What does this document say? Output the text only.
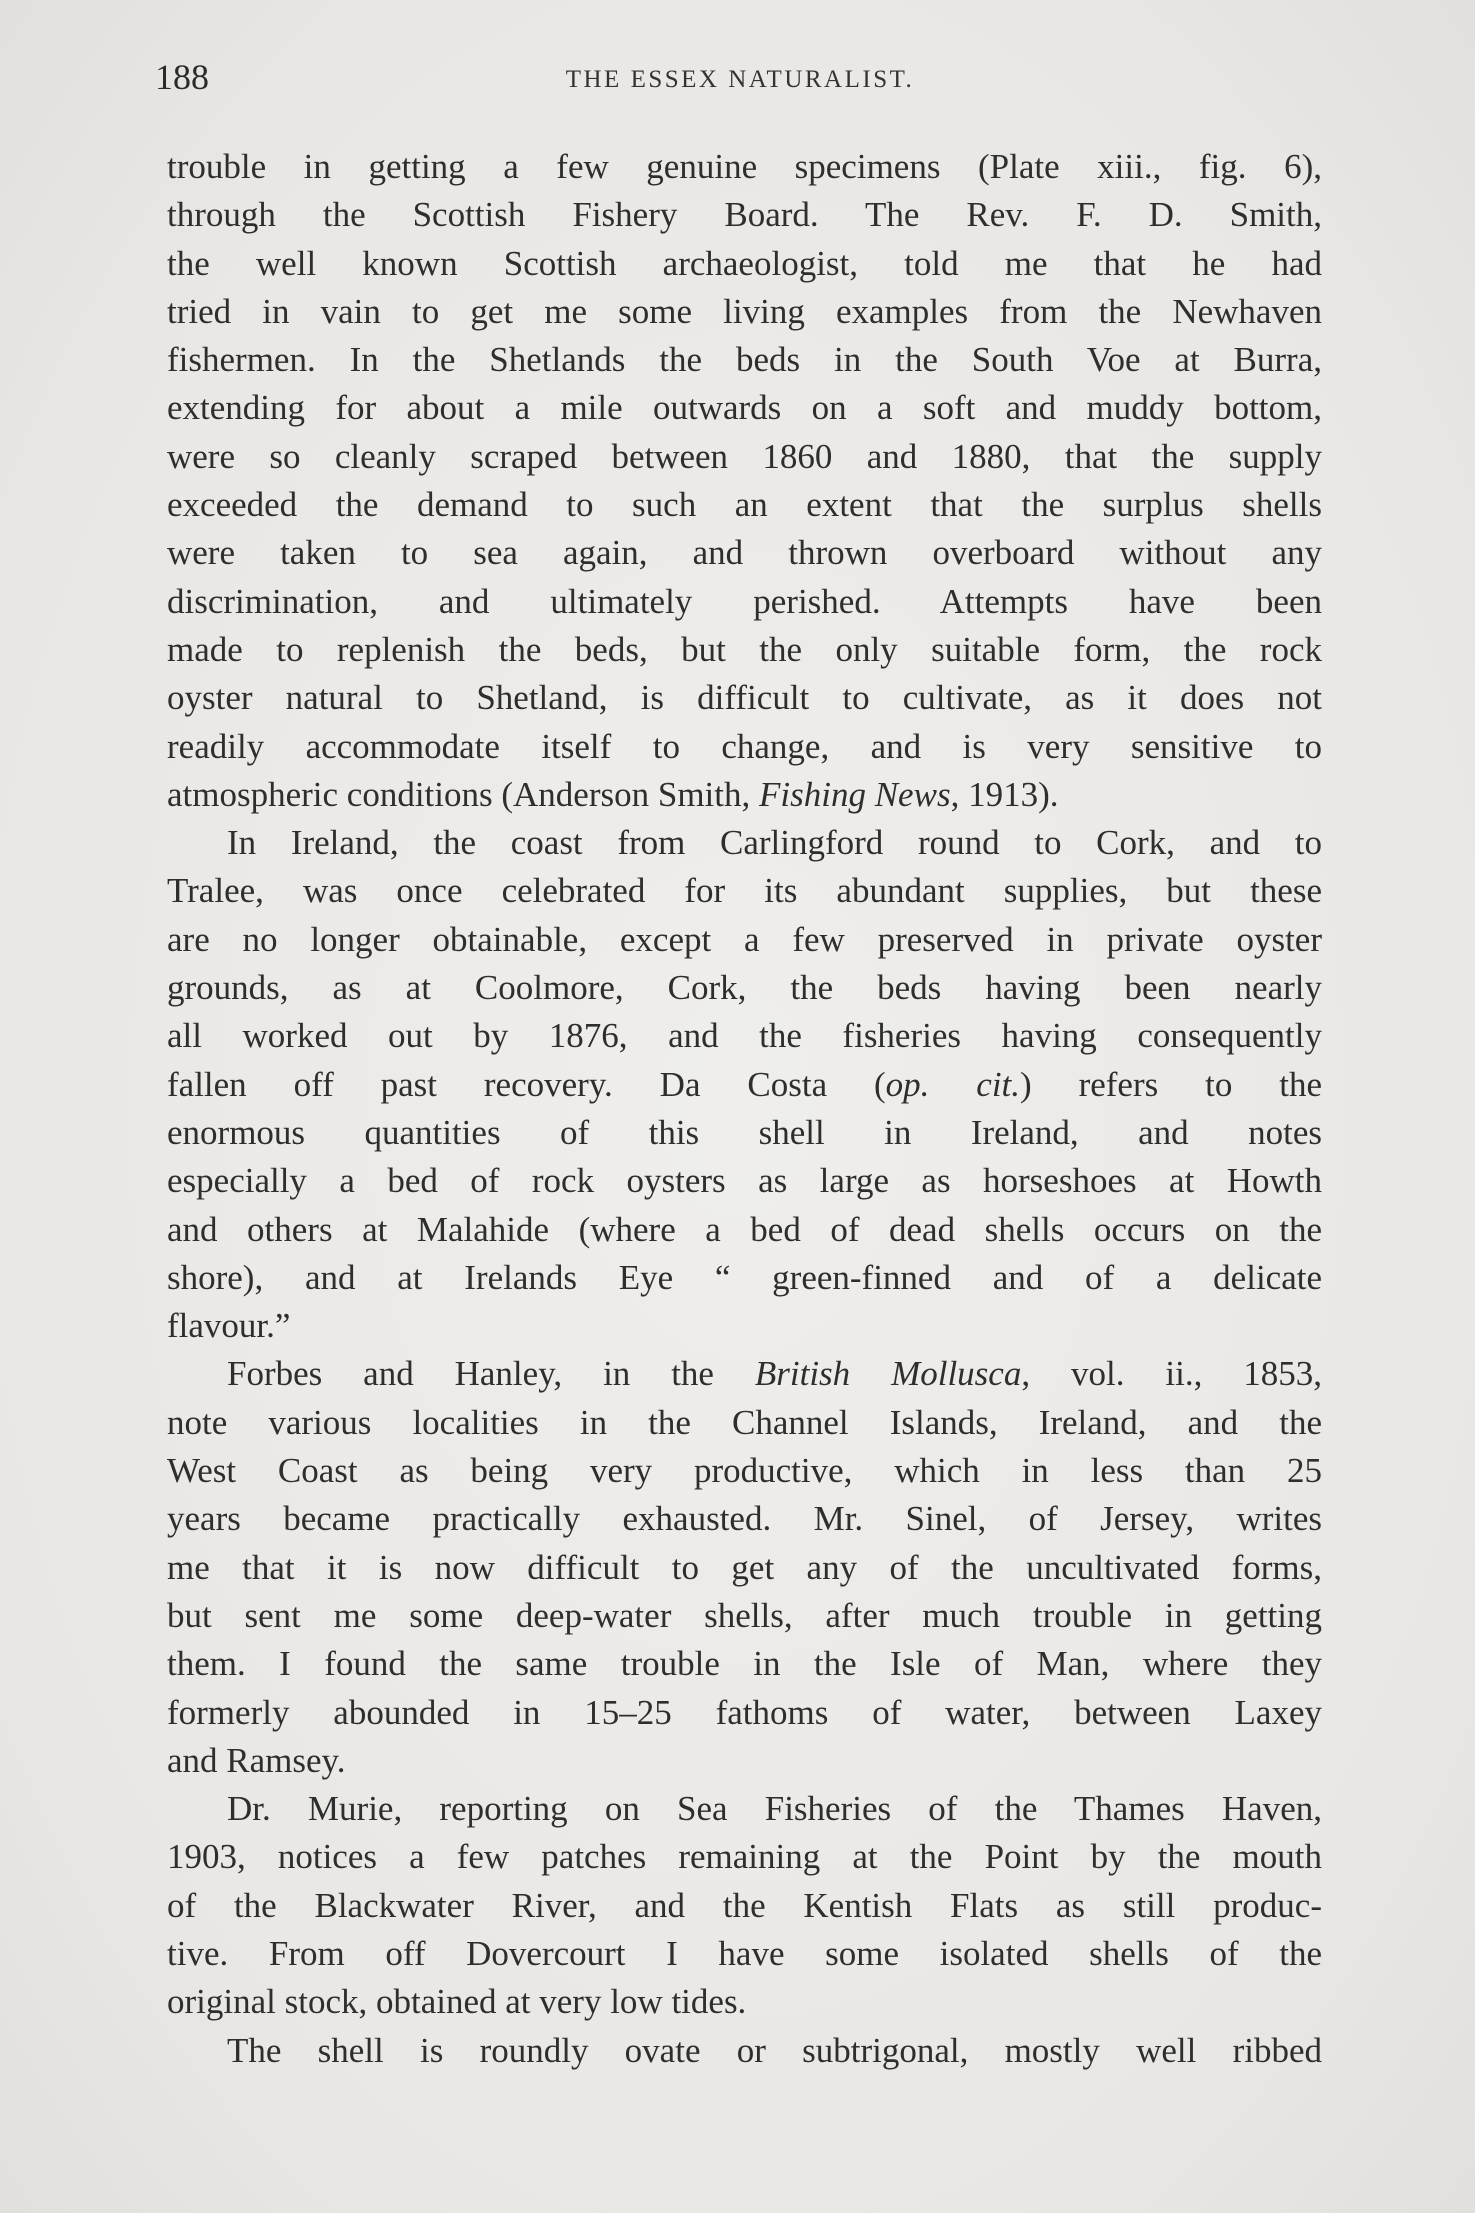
188	THE ESSEX NATURALIST.
trouble in getting a few genuine specimens (Plate xiii., fig. 6),
through the Scottish Fishery Board. The Rev. F. D. Smith,
the well known Scottish archaeologist, told me that he had
tried in vain to get me some living examples from the Newhaven
fishermen. In the Shetlands the beds in the South Voe at Burra,
extending for about a mile outwards on a soft and muddy bottom,
were so cleanly scraped between 1860 and 1880, that the supply
exceeded the demand to such an extent that the surplus shells
were taken to sea again, and thrown overboard without any
discrimination, and ultimately perished. Attempts have been
made to replenish the beds, but the only suitable form, the rock
oyster natural to Shetland, is difficult to cultivate, as it does not
readily accommodate itself to change, and is very sensitive to
atmospheric conditions (Anderson Smith, Fishing News, 1913).
In Ireland, the coast from Carlingford round to Cork, and to
Tralee, was once celebrated for its abundant supplies, but these
are no longer obtainable, except a few preserved in private oyster
grounds, as at Coolmore, Cork, the beds having been nearly
all worked out by 1876, and the fisheries having consequently
fallen off past recovery. Da Costa (op. cit.) refers to the
enormous quantities of this shell in Ireland, and notes
especially a bed of rock oysters as large as horseshoes at Howth
and others at Malahide (where a bed of dead shells occurs on the
shore), and at Irelands Eye “ green-finned and of a delicate
flavour.”
Forbes and Hanley, in the British Mollusca, vol. ii., 1853,
note various localities in the Channel Islands, Ireland, and the
West Coast as being very productive, which in less than 25
years became practically exhausted. Mr. Sinel, of Jersey, writes
me that it is now difficult to get any of the uncultivated forms,
but sent me some deep-water shells, after much trouble in getting
them. I found the same trouble in the Isle of Man, where they
formerly abounded in 15–25 fathoms of water, between Laxey
and Ramsey.
Dr. Murie, reporting on Sea Fisheries of the Thames Haven,
1903, notices a few patches remaining at the Point by the mouth
of the Blackwater River, and the Kentish Flats as still produc-
tive. From off Dovercourt I have some isolated shells of the
original stock, obtained at very low tides.
The shell is roundly ovate or subtrigonal, mostly well ribbed
